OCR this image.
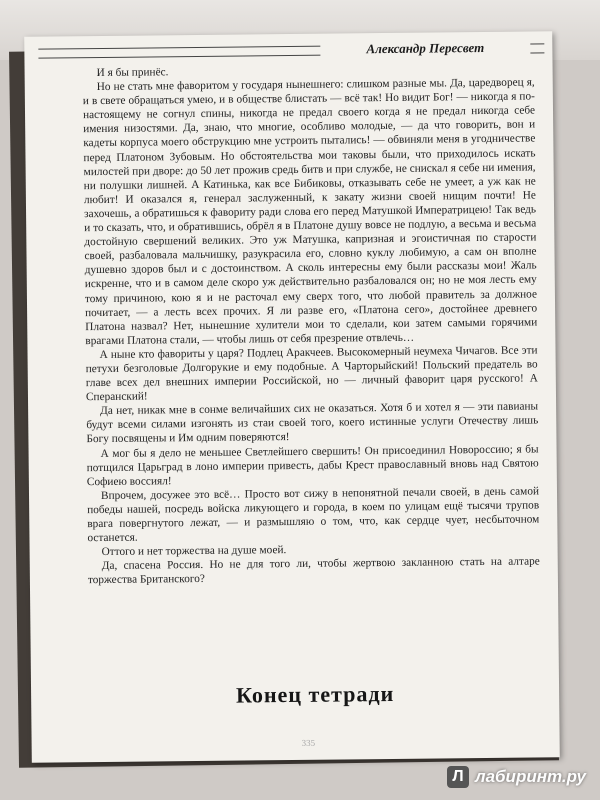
Александр Пересвет

И я бы принёс.

Но не стать мне фаворитом у государя нынешнего: слишком разные мы. Да, царедворец я, и в свете обращаться умею, и в обществе блистать — всё так! Но видит Бог! — никогда я по-настоящему не согнул спины, никогда не предал своего когда я не предал никогда себе имения низостями. Да, знаю, что многие, особливо молодые, — да что говорить, вон и кадеты корпуса моего обструкцию мне устроить пытались! — обвиняли меня в угодничестве перед Платоном Зубовым. Но обстоятельства мои таковы были, что приходилось искать милостей при дворе: до 50 лет прожив средь битв и при службе, не снискал я себе ни имения, ни полушки лишней. А Катинька, как все Бибиковы, отказывать себе не умеет, а уж как не любит! И оказался я, генерал заслуженный, к закату жизни своей нищим почти! Не захочешь, а обратишься к фавориту ради слова его перед Матушкой Императрицею! Так ведь и то сказать, что, и обратившись, обрёл я в Платоне душу вовсе не подлую, а весьма и весьма достойную свершений великих. Это уж Матушка, капризная и эгоистичная по старости своей, разбаловала мальчишку, разукрасила его, словно куклу любимую, а сам он вполне душевно здоров был и с достоинством. А сколь интересны ему были рассказы мои! Жаль искренне, что и в самом деле скоро уж действительно разбаловался он; но не моя лесть ему тому причиною, кою я и не расточал ему сверх того, что любой правитель за должное почитает, — а лесть всех прочих. Я ли разве его, «Платона сего», достойнее древнего Платона назвал? Нет, нынешние хулители мои то сделали, кои затем самыми горячими врагами Платона стали, — чтобы лишь от себя презрение отвлечь…

А ныне кто фавориты у царя? Подлец Аракчеев. Высокомерный неумеха Чичагов. Все эти петухи безголовые Долгорукие и ему подобные. А Чарторыйский! Польский предатель во главе всех дел внешних империи Российской, но — личный фаворит царя русского! А Сперанский!

Да нет, никак мне в сонме величайших сих не оказаться. Хотя б и хотел я — эти павианы будут всеми силами изгонять из стаи своей того, коего истинные услуги Отечеству лишь Богу посвящены и Им одним поверяются!

А мог бы я дело не меньшее Светлейшего свершить! Он присоединил Новороссию; я бы потщился Царьград в лоно империи привесть, дабы Крест православный вновь над Святою Софиею воссиял!

Впрочем, досужее это всё… Просто вот сижу в непонятной печали своей, в день самой победы нашей, посредь войска ликующего и города, в коем по улицам ещё тысячи трупов врага повергнутого лежат, — и размышляю о том, что, как сердце чует, несбыточном останется.

Оттого и нет торжества на душе моей.

Да, спасена Россия. Но не для того ли, чтобы жертвою закланною стать на алтаре торжества Британского?

Конец тетради
335
Л лабиринт.ру
